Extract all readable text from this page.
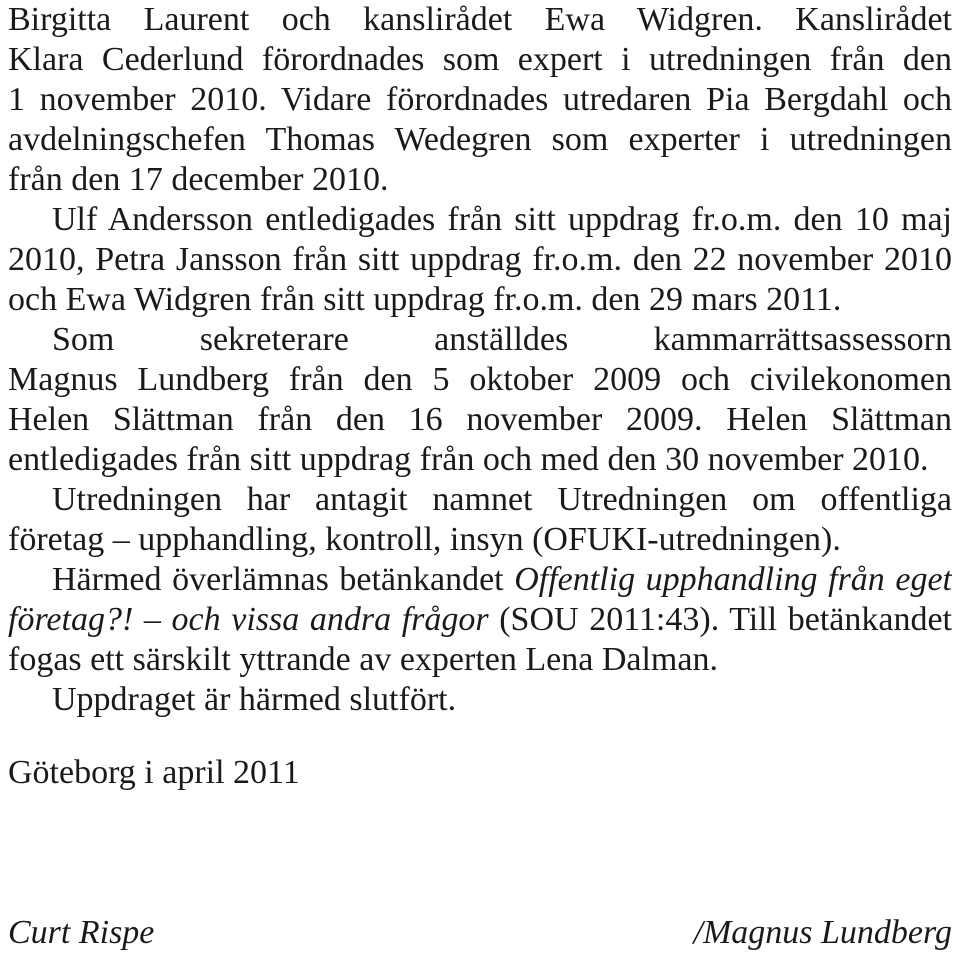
Birgitta Laurent och kanslirådet Ewa Widgren. Kanslirådet
Klara Cederlund förordnades som expert i utredningen från den
1 november 2010. Vidare förordnades utredaren Pia Bergdahl och
avdelningschefen Thomas Wedegren som experter i utredningen
från den 17 december 2010.
Ulf Andersson entledigades från sitt uppdrag fr.o.m. den 10 maj
2010, Petra Jansson från sitt uppdrag fr.o.m. den 22 november 2010
och Ewa Widgren från sitt uppdrag fr.o.m. den 29 mars 2011.
Som sekreterare anställdes kammarrättsassessorn
Magnus Lundberg från den 5 oktober 2009 och civilekonomen
Helen Slättman från den 16 november 2009. Helen Slättman
entledigades från sitt uppdrag från och med den 30 november 2010.
Utredningen har antagit namnet Utredningen om offentliga
företag – upphandling, kontroll, insyn (OFUKI-utredningen).
Härmed överlämnas betänkandet Offentlig upphandling från eget
företag?! – och vissa andra frågor (SOU 2011:43). Till betänkandet
fogas ett särskilt yttrande av experten Lena Dalman.
Uppdraget är härmed slutfört.
Göteborg i april 2011
Curt Rispe	/Magnus Lundberg
